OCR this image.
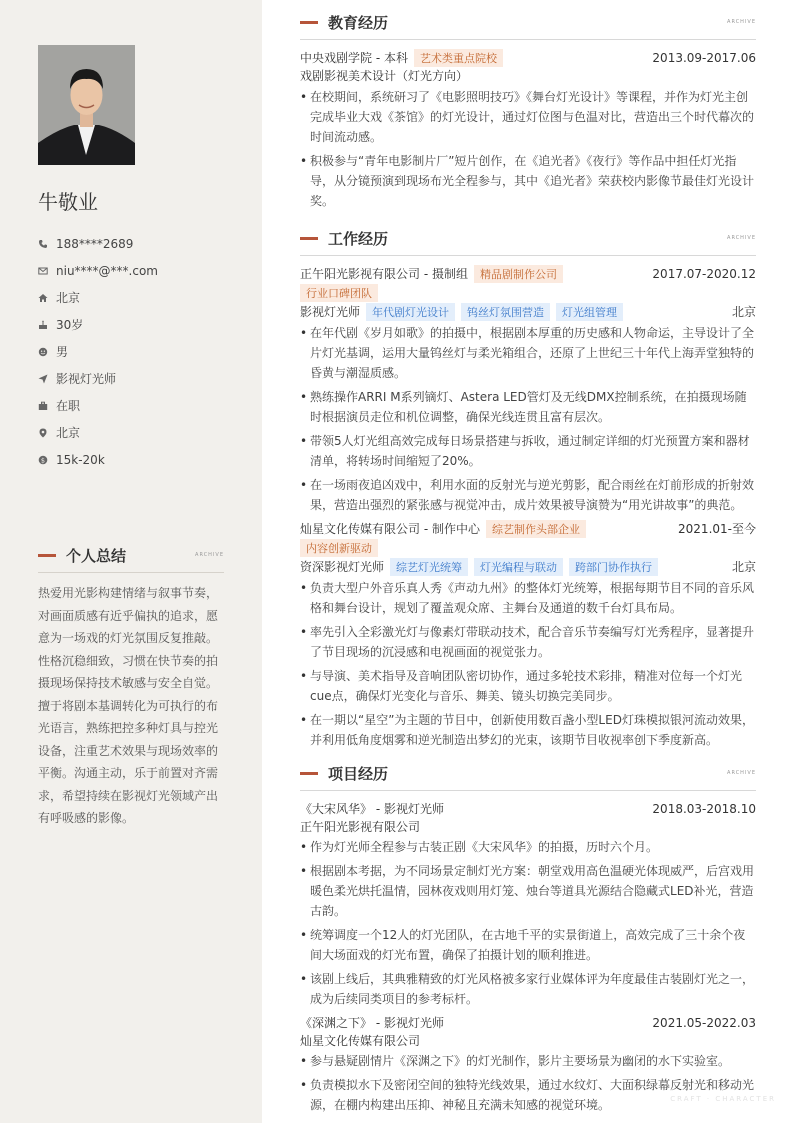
牛敬业
188****2689
niu****@***.com
北京
30岁
男
影视灯光师
在职
北京
$ 15k-20k
个人总结	ARCHIVE
热爱用光影构建情绪与叙事节奏，对画面质感有近乎偏执的追求，愿意为一场戏的灯光氛围反复推敲。性格沉稳细致，习惯在快节奏的拍摄现场保持技术敏感与安全自觉。擅于将剧本基调转化为可执行的布光语言，熟练把控多种灯具与控光设备，注重艺术效果与现场效率的平衡。沟通主动，乐于前置对齐需求，希望持续在影视灯光领域产出有呼吸感的影像。
教育经历	ARCHIVE
中央戏剧学院 - 本科	艺术类重点院校	2013.09-2017.06
戏剧影视美术设计（灯光方向）
• 在校期间，系统研习了《电影照明技巧》《舞台灯光设计》等课程，并作为灯光主创完成毕业大戏《茶馆》的灯光设计，通过灯位图与色温对比，营造出三个时代幕次的时间流动感。
• 积极参与“青年电影制片厂”短片创作，在《追光者》《夜行》等作品中担任灯光指导，从分镜预演到现场布光全程参与，其中《追光者》荣获校内影像节最佳灯光设计奖。
工作经历	ARCHIVE
正午阳光影视有限公司 - 摄制组	精品剧制作公司	2017.07-2020.12
行业口碑团队
影视灯光师	年代剧灯光设计	钨丝灯氛围营造	灯光组管理	北京
• 在年代剧《岁月如歌》的拍摄中，根据剧本厚重的历史感和人物命运，主导设计了全片灯光基调，运用大量钨丝灯与柔光箱组合，还原了上世纪三十年代上海弄堂独特的昏黄与潮湿质感。
• 熟练操作ARRI M系列镝灯、Astera LED管灯及无线DMX控制系统，在拍摄现场随时根据演员走位和机位调整，确保光线连贯且富有层次。
• 带领5人灯光组高效完成每日场景搭建与拆收，通过制定详细的灯光预置方案和器材清单，将转场时间缩短了20%。
• 在一场雨夜追凶戏中，利用水面的反射光与逆光剪影，配合雨丝在灯前形成的折射效果，营造出强烈的紧张感与视觉冲击，成片效果被导演赞为“用光讲故事”的典范。
灿星文化传媒有限公司 - 制作中心	综艺制作头部企业	2021.01-至今
内容创新驱动
资深影视灯光师	综艺灯光统筹	灯光编程与联动	跨部门协作执行	北京
• 负责大型户外音乐真人秀《声动九州》的整体灯光统筹，根据每期节目不同的音乐风格和舞台设计，规划了覆盖观众席、主舞台及通道的数千台灯具布局。
• 率先引入全彩激光灯与像素灯带联动技术，配合音乐节奏编写灯光秀程序，显著提升了节目现场的沉浸感和电视画面的视觉张力。
• 与导演、美术指导及音响团队密切协作，通过多轮技术彩排，精准对位每一个灯光cue点，确保灯光变化与音乐、舞美、镜头切换完美同步。
• 在一期以“星空”为主题的节目中，创新使用数百盏小型LED灯珠模拟银河流动效果，并利用低角度烟雾和逆光制造出梦幻的光束，该期节目收视率创下季度新高。
项目经历	ARCHIVE
《大宋风华》 - 影视灯光师	2018.03-2018.10
正午阳光影视有限公司
• 作为灯光师全程参与古装正剧《大宋风华》的拍摄，历时六个月。
• 根据剧本考据，为不同场景定制灯光方案：朝堂戏用高色温硬光体现威严，后宫戏用暖色柔光烘托温情，园林夜戏则用灯笼、烛台等道具光源结合隐藏式LED补光，营造古韵。
• 统筹调度一个12人的灯光团队，在古地千平的实景街道上，高效完成了三十余个夜间大场面戏的灯光布置，确保了拍摄计划的顺利推进。
• 该剧上线后，其典雅精致的灯光风格被多家行业媒体评为年度最佳古装剧灯光之一，成为后续同类项目的参考标杆。
《深渊之下》 - 影视灯光师	2021.05-2022.03
灿星文化传媒有限公司
• 参与悬疑剧情片《深渊之下》的灯光制作，影片主要场景为幽闭的水下实验室。
• 负责模拟水下及密闭空间的独特光线效果，通过水纹灯、大面积绿幕反射光和移动光源，在棚内构建出压抑、神秘且充满未知感的视觉环境。	CRAFT · CHARACTER
